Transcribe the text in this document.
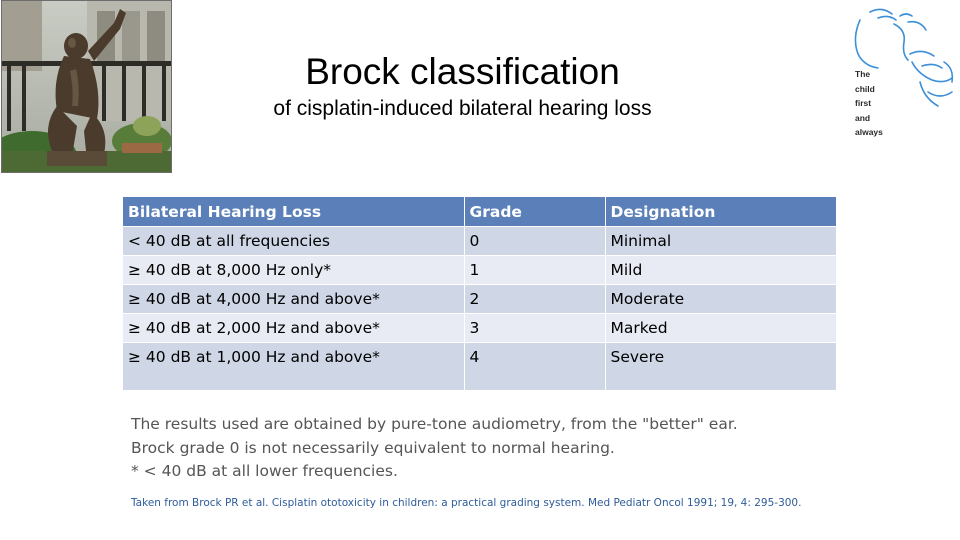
Brock classification
of cisplatin-induced bilateral hearing loss
The
child
first
and
always
Bilateral Hearing Loss	Grade	Designation
< 40 dB at all frequencies	0	Minimal
≥ 40 dB at 8,000 Hz only*	1	Mild
≥ 40 dB at 4,000 Hz and above*	2	Moderate
≥ 40 dB at 2,000 Hz and above*	3	Marked
≥ 40 dB at 1,000 Hz and above*	4	Severe
The results used are obtained by pure-tone audiometry, from the "better" ear.
Brock grade 0 is not necessarily equivalent to normal hearing.
* < 40 dB at all lower frequencies.
Taken from Brock PR et al. Cisplatin ototoxicity in children: a practical grading system. Med Pediatr Oncol 1991; 19, 4: 295-300.
